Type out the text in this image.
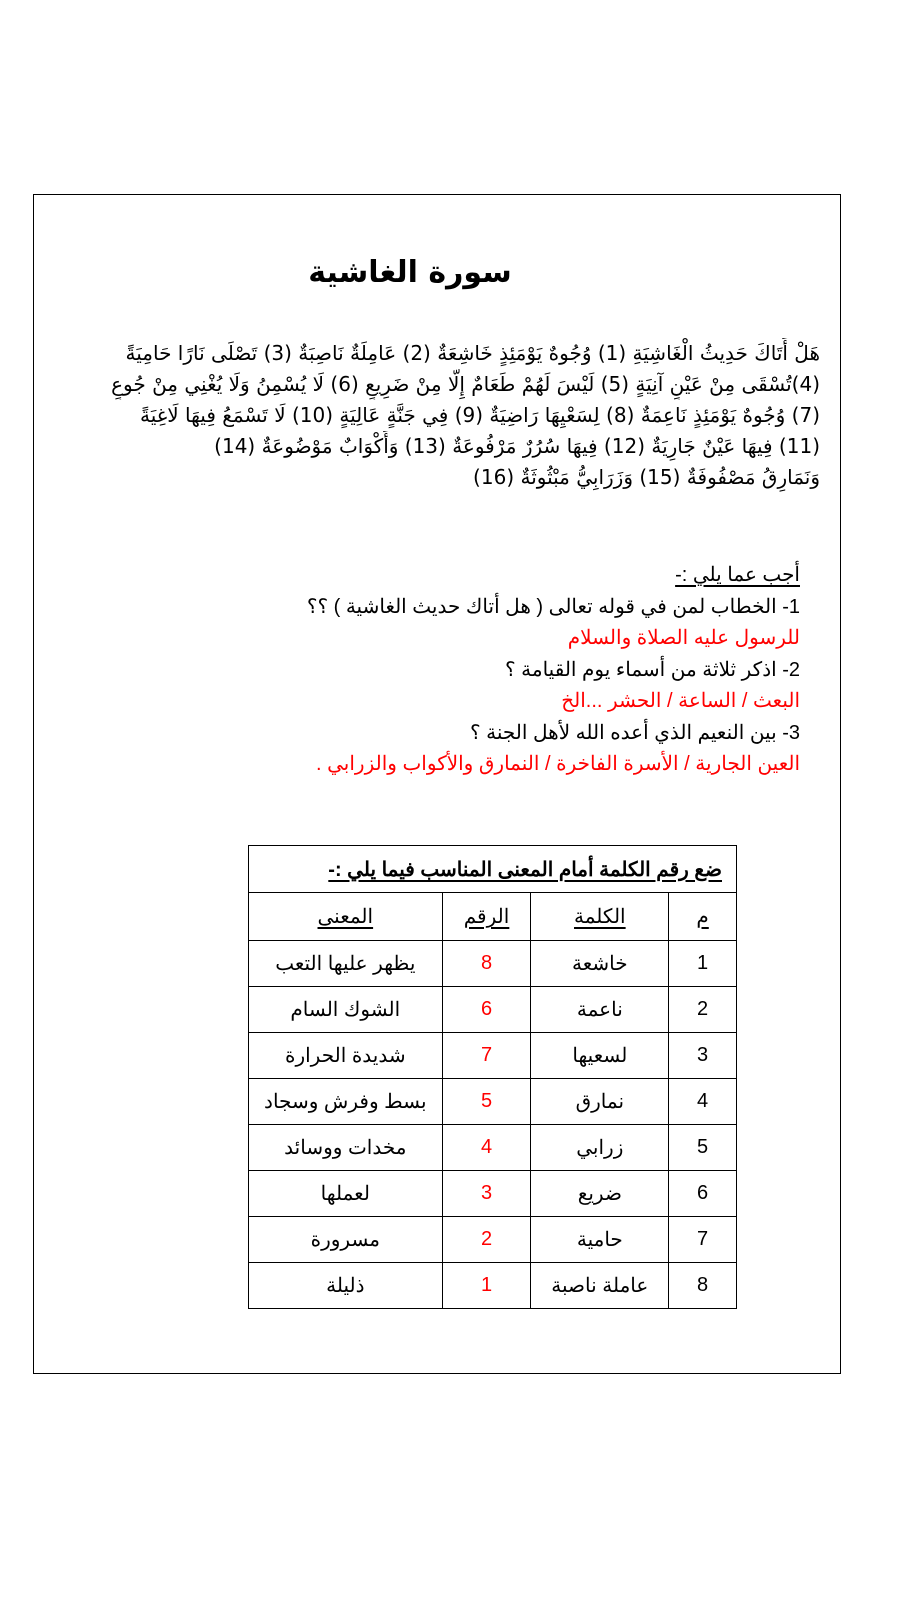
سورة الغاشية
هَلْ أَتَاكَ حَدِيثُ الْغَاشِيَةِ (1) وُجُوهٌ يَوْمَئِذٍ خَاشِعَةٌ (2) عَامِلَةٌ نَاصِبَةٌ (3) تَصْلَى نَارًا حَامِيَةً
(4)تُسْقَى مِنْ عَيْنٍ آنِيَةٍ (5) لَيْسَ لَهُمْ طَعَامٌ إِلَّا مِنْ ضَرِيعٍ (6) لَا يُسْمِنُ وَلَا يُغْنِي مِنْ جُوعٍ
(7) وُجُوهٌ يَوْمَئِذٍ نَاعِمَةٌ (8) لِسَعْيِهَا رَاضِيَةٌ (9) فِي جَنَّةٍ عَالِيَةٍ (10) لَا تَسْمَعُ فِيهَا لَاغِيَةً
(11) فِيهَا عَيْنٌ جَارِيَةٌ (12) فِيهَا سُرُرٌ مَرْفُوعَةٌ (13) وَأَكْوَابٌ مَوْضُوعَةٌ (14)
وَنَمَارِقُ مَصْفُوفَةٌ (15) وَزَرَابِيُّ مَبْثُوثَةٌ (16)
أجب عما يلي :-
1- الخطاب لمن في قوله تعالى ( هل أتاك حديث الغاشية ) ؟؟
للرسول عليه الصلاة والسلام
2- اذكر ثلاثة من أسماء يوم القيامة ؟
البعث / الساعة / الحشر ...الخ
3- بين النعيم الذي أعده الله لأهل الجنة ؟
العين الجارية / الأسرة الفاخرة / النمارق والأكواب والزرابي .
ضع رقم الكلمة أمام المعنى المناسب فيما يلي :-			
م	الكلمة	الرقم	المعنى
1	خاشعة	8	يظهر عليها التعب
2	ناعمة	6	الشوك السام
3	لسعيها	7	شديدة الحرارة
4	نمارق	5	بسط وفرش وسجاد
5	زرابي	4	مخدات ووسائد
6	ضريع	3	لعملها
7	حامية	2	مسرورة
8	عاملة ناصبة	1	ذليلة
